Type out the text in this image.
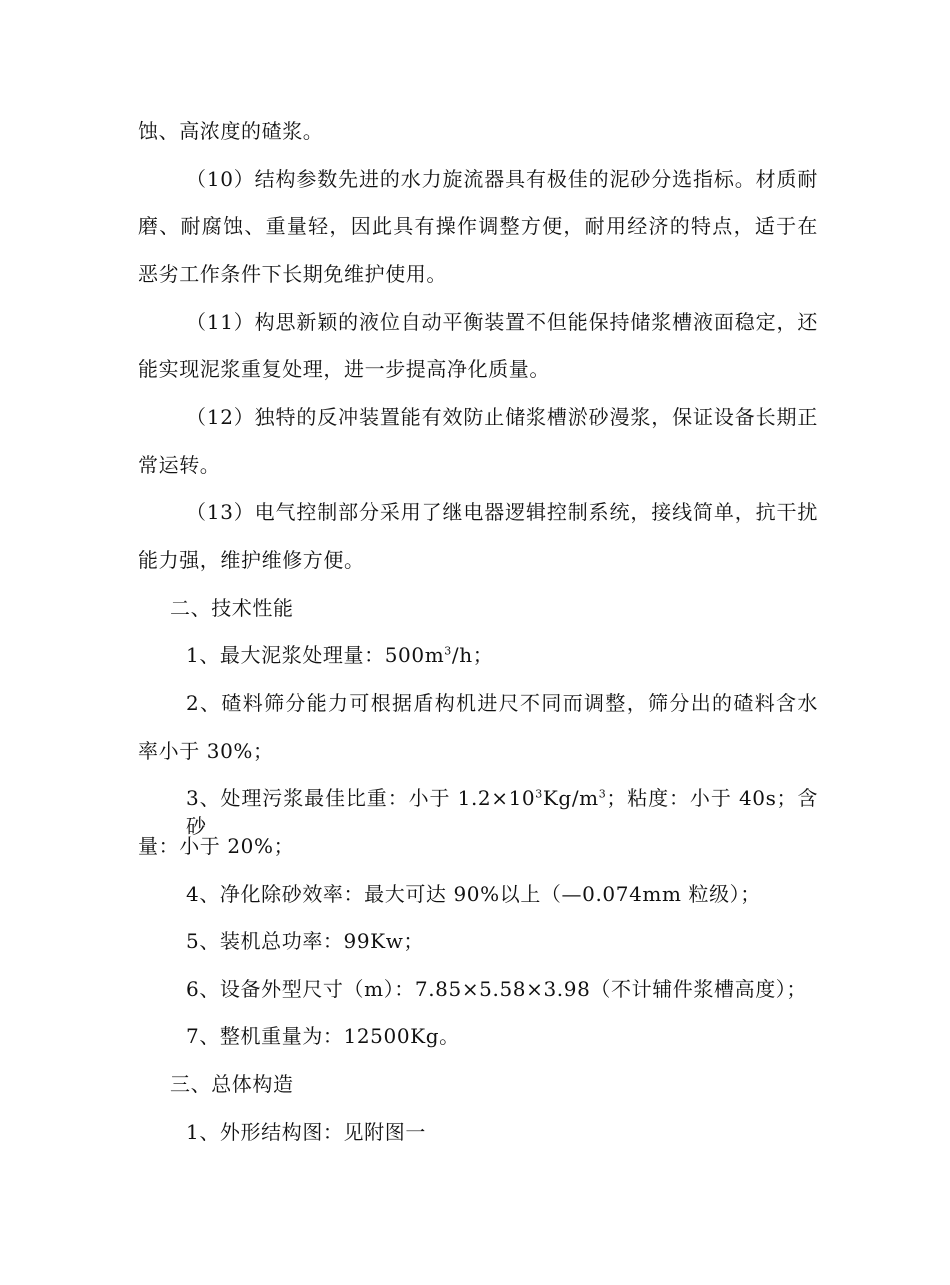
蚀、高浓度的碴浆。
（10）结构参数先进的水力旋流器具有极佳的泥砂分选指标。材质耐
磨、耐腐蚀、重量轻，因此具有操作调整方便，耐用经济的特点，适于在
恶劣工作条件下长期免维护使用。
（11）构思新颖的液位自动平衡装置不但能保持储浆槽液面稳定，还
能实现泥浆重复处理，进一步提高净化质量。
（12）独特的反冲装置能有效防止储浆槽淤砂漫浆，保证设备长期正
常运转。
（13）电气控制部分采用了继电器逻辑控制系统，接线简单，抗干扰
能力强，维护维修方便。
二、技术性能
1、最大泥浆处理量：$500m^3/h$；
2、碴料筛分能力可根据盾构机进尺不同而调整，筛分出的碴料含水
率小于 30%；
3、处理污浆最佳比重：小于 $1.2\times 10^3Kg/m^3$；粘度：小于 40s；含砂
量：小于 20%；
4、净化除砂效率：最大可达 90%以上（—0.074mm 粒级）；
5、装机总功率：99Kw；
6、设备外型尺寸（m）：7.85×5.58×3.98（不计辅件浆槽高度）；
7、整机重量为：12500Kg。
三、总体构造
1、外形结构图：见附图一
